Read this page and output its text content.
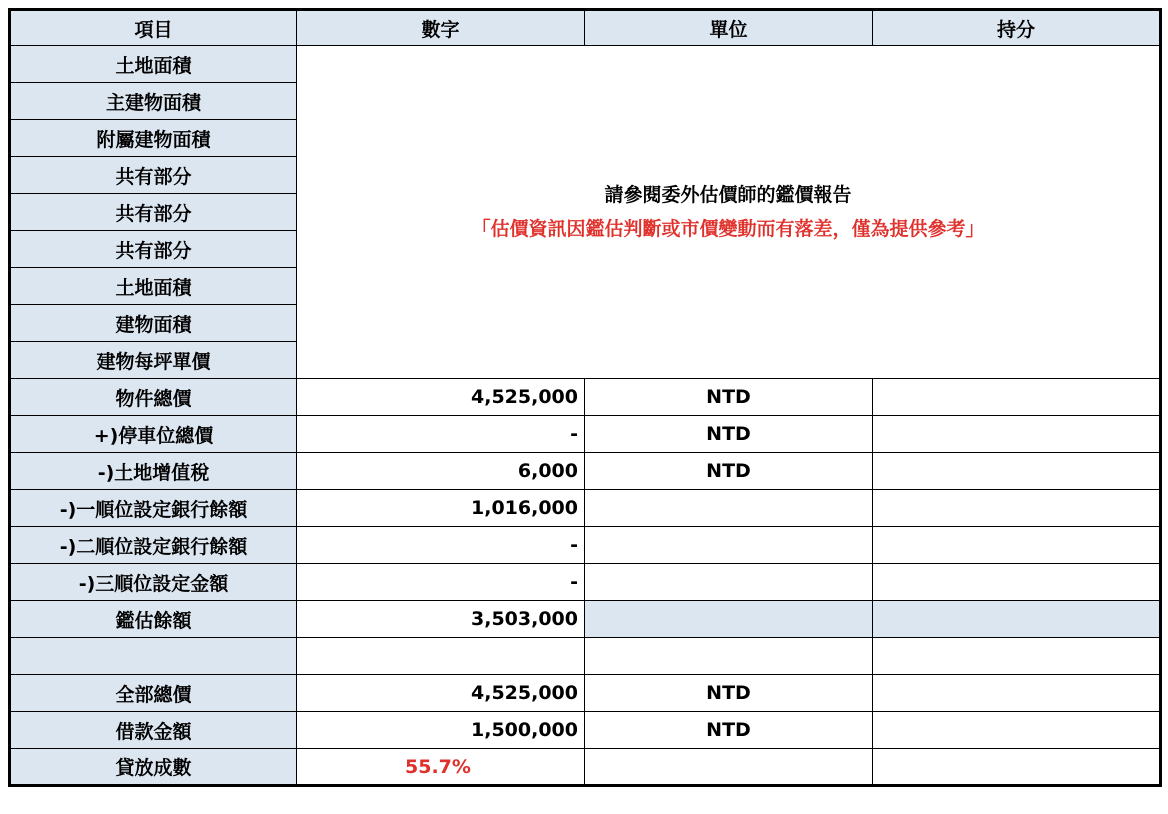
項目	數字	單位	持分
土地面積	請參閱委外估價師的鑑價報告
「估價資訊因鑑估判斷或市價變動而有落差，僅為提供參考」		

主建物面積			
附屬建物面積			
共有部分			
共有部分			
共有部分			
土地面積			
建物面積			
建物每坪單價			
物件總價	4,525,000	NTD	
+)停車位總價	-	NTD	
-)土地增值稅	6,000	NTD	
-)一順位設定銀行餘額	1,016,000		
-)二順位設定銀行餘額	-		
-)三順位設定金額	-		
鑑估餘額	3,503,000		

全部總價	4,525,000	NTD	
借款金額	1,500,000	NTD	
貸放成數	55.7%		
